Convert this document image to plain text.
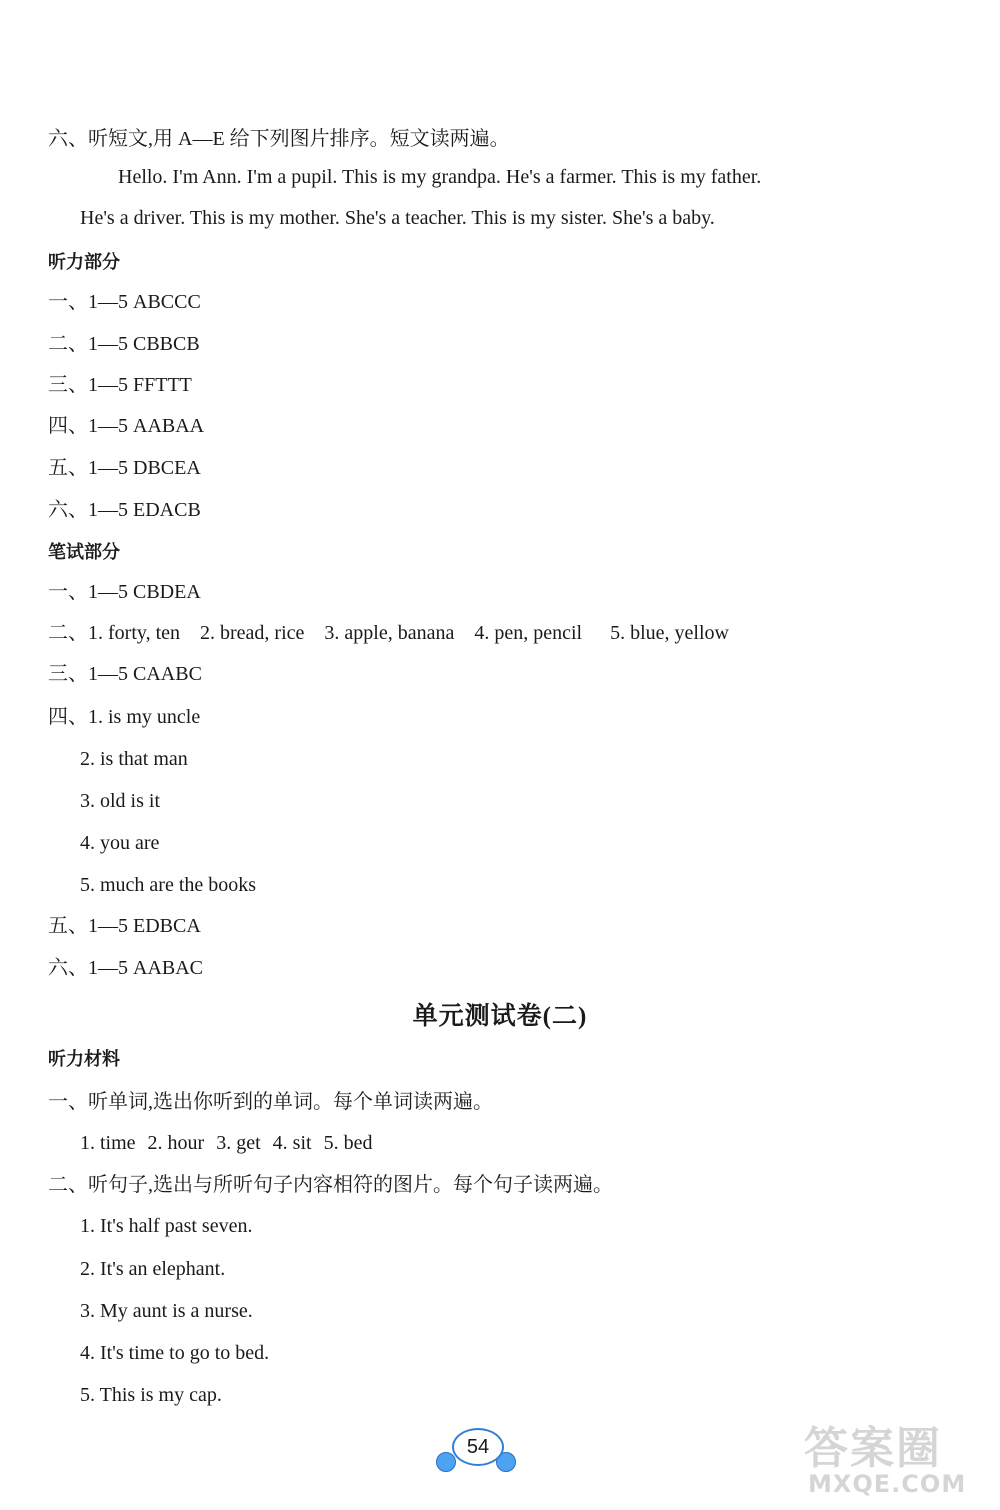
六、听短文,用 A—E 给下列图片排序。短文读两遍。
Hello. I'm Ann. I'm a pupil. This is my grandpa. He's a farmer. This is my father.
He's a driver. This is my mother. She's a teacher. This is my sister. She's a baby.
听力部分
一、1—5 ABCCC
二、1—5 CBBCB
三、1—5 FFTTT
四、1—5 AABAA
五、1—5 DBCEA
六、1—5 EDACB
笔试部分
一、1—5 CBDEA
二、1. forty, ten 2. bread, rice 3. apple, banana 4. pen, pencil 5. blue, yellow
三、1—5 CAABC
四、1. is my uncle
2. is that man
3. old is it
4. you are
5. much are the books
五、1—5 EDBCA
六、1—5 AABAC
单元测试卷(二)
听力材料
一、听单词,选出你听到的单词。每个单词读两遍。
1. time 2. hour 3. get 4. sit 5. bed
二、听句子,选出与所听句子内容相符的图片。每个句子读两遍。
1. It's half past seven.
2. It's an elephant.
3. My aunt is a nurse.
4. It's time to go to bed.
5. This is my cap.
54	答案圈
MXQE.COM
